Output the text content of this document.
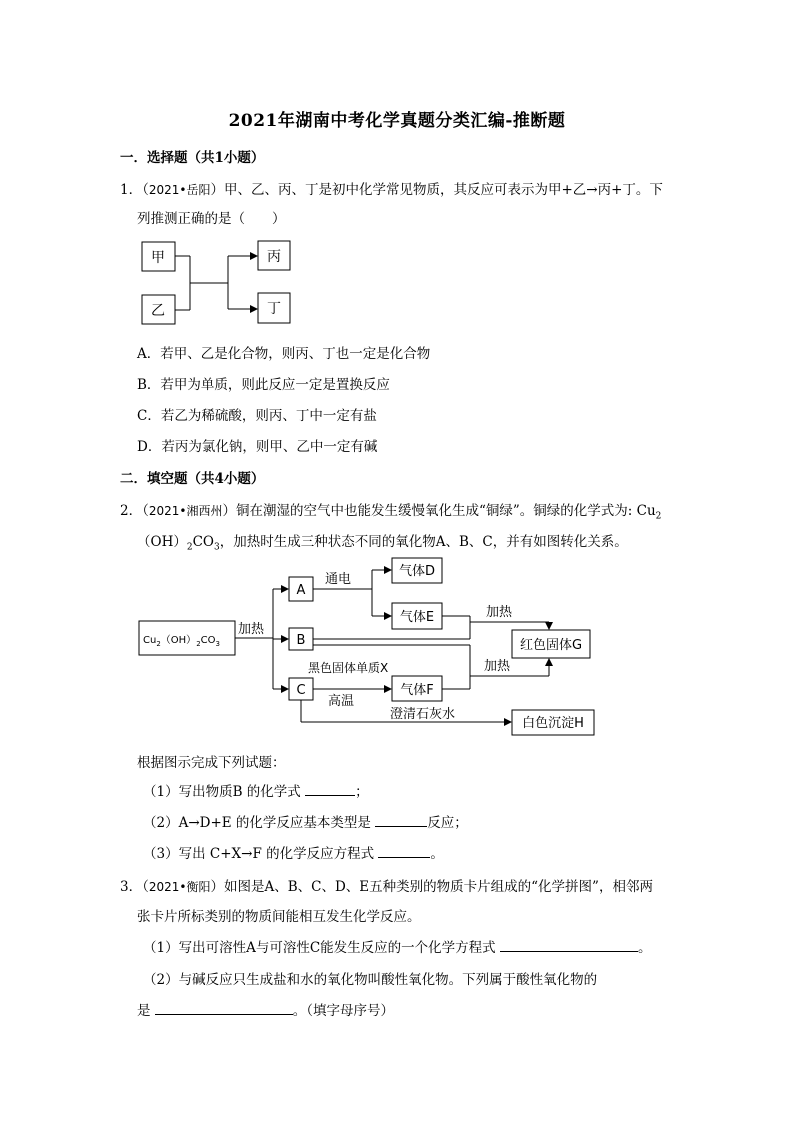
2021年湖南中考化学真题分类汇编-推断题
一．选择题（共1小题）
1．（2021•岳阳）甲、乙、丙、丁是初中化学常见物质，其反应可表示为甲+乙→丙+丁。下
列推测正确的是（　　）
甲
乙
丙
丁
A．若甲、乙是化合物，则丙、丁也一定是化合物
B．若甲为单质，则此反应一定是置换反应
C．若乙为稀硫酸，则丙、丁中一定有盐
D．若丙为氯化钠，则甲、乙中一定有碱
二．填空题（共4小题）
2．（2021•湘西州）铜在潮湿的空气中也能发生缓慢氧化生成“铜绿”。铜绿的化学式为: $Cu_2$
$(OH)_2CO_3$，加热时生成三种状态不同的氧化物A、B、C，并有如图转化关系。
$Cu_2(OH)_2CO_3$
加热
A
B
C
通电
气体D
气体E	加热
红色固体G
黑色固体单质X	加热
高温
气体F
澄清石灰水
白色沉淀H
根据图示完成下列试题：
（1）写出物质B 的化学式	；
（2）A→D+E 的化学反应基本类型是	反应；
（3）写出 C+X→F 的化学反应方程式	。
3．（2021•衡阳）如图是A、B、C、D、E五种类别的物质卡片组成的“化学拼图”，相邻两
张卡片所标类别的物质间能相互发生化学反应。
（1）写出可溶性A与可溶性C能发生反应的一个化学方程式	。
（2）与碱反应只生成盐和水的氧化物叫酸性氧化物。下列属于酸性氧化物的
是	。（填字母序号）
